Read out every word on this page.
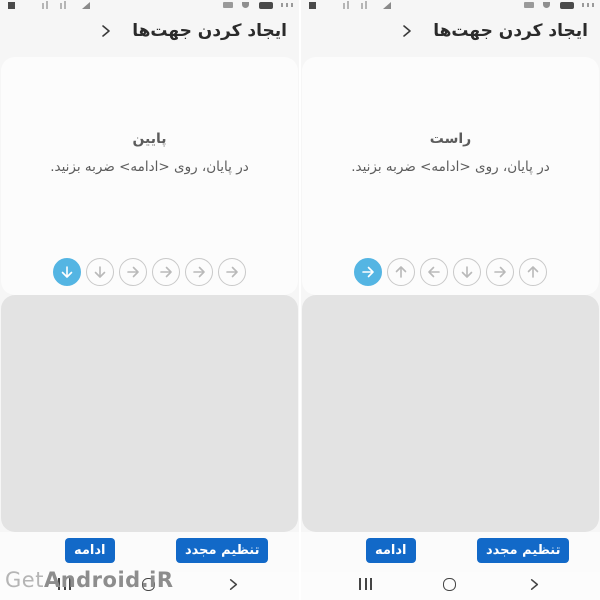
ایجاد کردن جهت‌ها
پایین
در پایان، روی <ادامه> ضربه بزنید.
ادامه	تنظیم مجدد
ایجاد کردن جهت‌ها
راست
در پایان، روی <ادامه> ضربه بزنید.
ادامه	تنظیم مجدد
GetAndroid.iR
